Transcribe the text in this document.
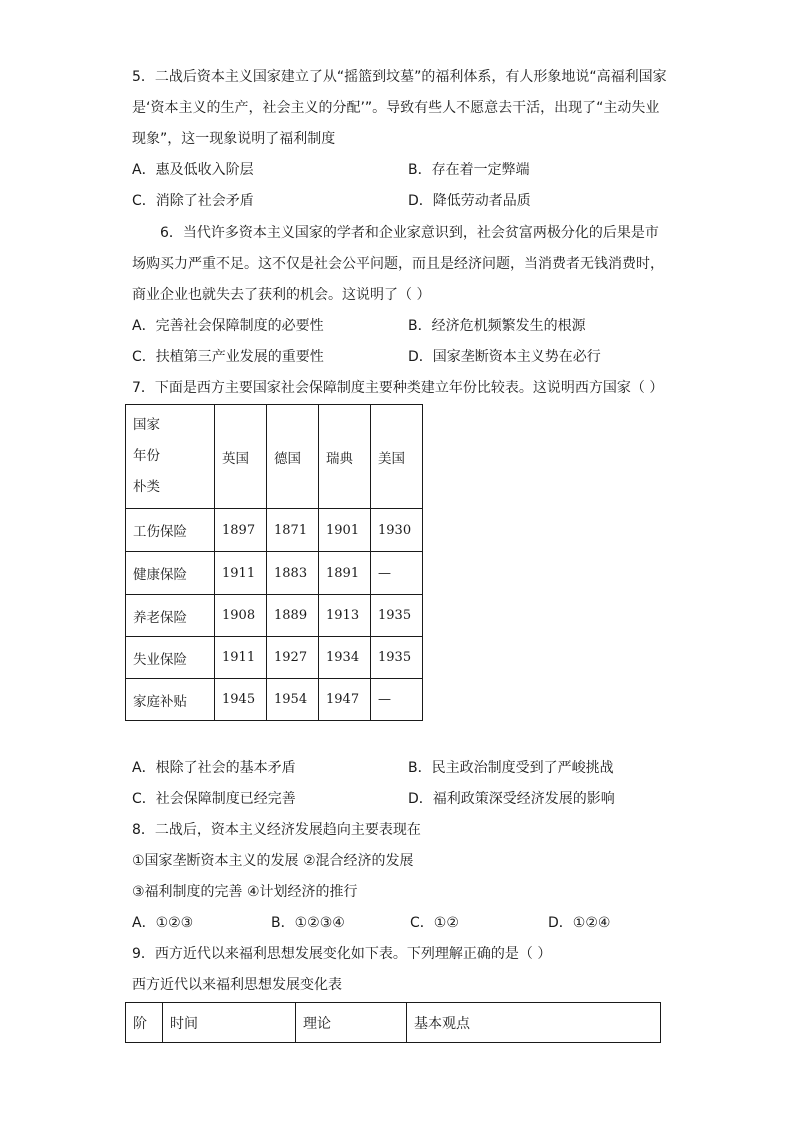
5．二战后资本主义国家建立了从“摇篮到坟墓”的福利体系，有人形象地说“高福利国家
是‘资本主义的生产，社会主义的分配’”。导致有些人不愿意去干活，出现了“主动失业
现象”，这一现象说明了福利制度
A．惠及低收入阶层	B．存在着一定弊端
C．消除了社会矛盾	D．降低劳动者品质
6．当代许多资本主义国家的学者和企业家意识到，社会贫富两极分化的后果是市
场购买力严重不足。这不仅是社会公平问题，而且是经济问题，当消费者无钱消费时，
商业企业也就失去了获利的机会。这说明了（ ）
A．完善社会保障制度的必要性	B．经济危机频繁发生的根源
C．扶植第三产业发展的重要性	D．国家垄断资本主义势在必行
7．下面是西方主要国家社会保障制度主要种类建立年份比较表。这说明西方国家（ ）
国家
年份
朴类	英国	德国	瑞典	美国
工伤保险	1897	1871	1901	1930
健康保险	1911	1883	1891	—
养老保险	1908	1889	1913	1935
失业保险	1911	1927	1934	1935
家庭补贴	1945	1954	1947	—
A．根除了社会的基本矛盾	B．民主政治制度受到了严峻挑战
C．社会保障制度已经完善	D．福利政策深受经济发展的影响
8．二战后，资本主义经济发展趋向主要表现在
①国家垄断资本主义的发展 ②混合经济的发展
③福利制度的完善 ④计划经济的推行
A．①②③	B．①②③④	C．①②	D．①②④
9．西方近代以来福利思想发展变化如下表。下列理解正确的是（ ）
西方近代以来福利思想发展变化表
阶	时间	理论	基本观点
